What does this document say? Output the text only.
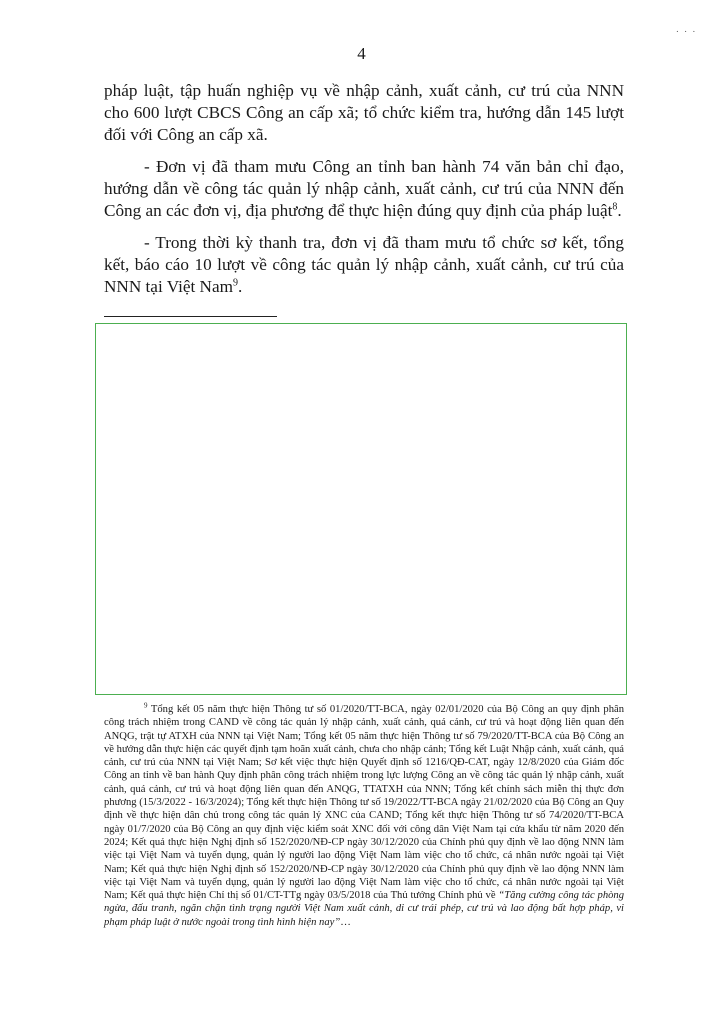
...
4

pháp luật, tập huấn nghiệp vụ về nhập cảnh, xuất cảnh, cư trú của NNN cho 600 lượt CBCS Công an cấp xã; tổ chức kiểm tra, hướng dẫn 145 lượt đối với Công an cấp xã.

- Đơn vị đã tham mưu Công an tỉnh ban hành 74 văn bản chỉ đạo, hướng dẫn về công tác quản lý nhập cảnh, xuất cảnh, cư trú của NNN đến Công an các đơn vị, địa phương để thực hiện đúng quy định của pháp luật$^8$.

- Trong thời kỳ thanh tra, đơn vị đã tham mưu tổ chức sơ kết, tổng kết, báo cáo 10 lượt về công tác quản lý nhập cảnh, xuất cảnh, cư trú của NNN tại Việt Nam$^9$.

$^9$ Tổng kết 05 năm thực hiện Thông tư số 01/2020/TT-BCA, ngày 02/01/2020 của Bộ Công an quy định phân công trách nhiệm trong CAND về công tác quản lý nhập cảnh, xuất cảnh, quá cảnh, cư trú và hoạt động liên quan đến ANQG, trật tự ATXH của NNN tại Việt Nam; Tổng kết 05 năm thực hiện Thông tư số 79/2020/TT-BCA của Bộ Công an về hướng dẫn thực hiện các quyết định tạm hoãn xuất cảnh, chưa cho nhập cảnh; Tổng kết Luật Nhập cảnh, xuất cảnh, quá cảnh, cư trú của NNN tại Việt Nam; Sơ kết việc thực hiện Quyết định số 1216/QĐ-CAT, ngày 12/8/2020 của Giám đốc Công an tỉnh về ban hành Quy định phân công trách nhiệm trong lực lượng Công an về công tác quản lý nhập cảnh, xuất cảnh, quá cảnh, cư trú và hoạt động liên quan đến ANQG, TTATXH của NNN; Tổng kết chính sách miễn thị thực đơn phương (15/3/2022 - 16/3/2024); Tổng kết thực hiện Thông tư số 19/2022/TT-BCA ngày 21/02/2020 của Bộ Công an Quy định về thực hiện dân chủ trong công tác quản lý XNC của CAND; Tổng kết thực hiện Thông tư số 74/2020/TT-BCA ngày 01/7/2020 của Bộ Công an quy định việc kiểm soát XNC đối với công dân Việt Nam tại cửa khẩu từ năm 2020 đến 2024; Kết quả thực hiện Nghị định số 152/2020/NĐ-CP ngày 30/12/2020 của Chính phủ quy định về lao động NNN làm việc tại Việt Nam và tuyển dụng, quản lý người lao động Việt Nam làm việc cho tổ chức, cá nhân nước ngoài tại Việt Nam; Kết quả thực hiện Nghị định số 152/2020/NĐ-CP ngày 30/12/2020 của Chính phủ quy định về lao động NNN làm việc tại Việt Nam và tuyển dụng, quản lý người lao động Việt Nam làm việc cho tổ chức, cá nhân nước ngoài tại Việt Nam; Kết quả thực hiện Chỉ thị số 01/CT-TTg ngày 03/5/2018 của Thủ tướng Chính phủ về “Tăng cường công tác phòng ngừa, đấu tranh, ngăn chặn tình trạng người Việt Nam xuất cảnh, di cư trái phép, cư trú và lao động bất hợp pháp, vi phạm pháp luật ở nước ngoài trong tình hình hiện nay”…
